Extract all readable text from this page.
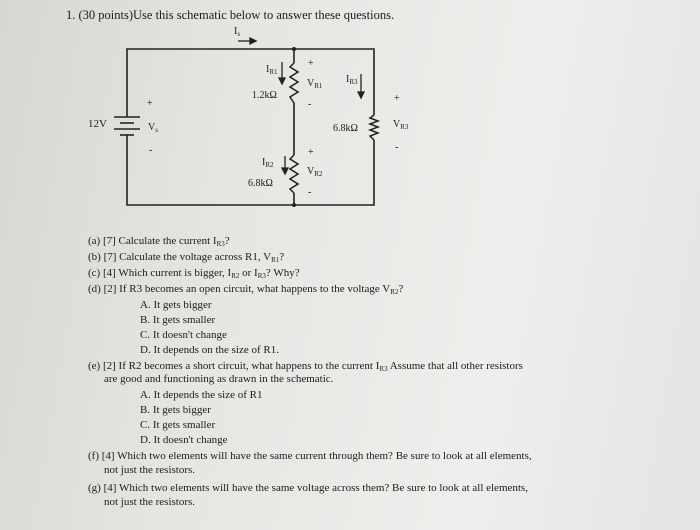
1. (30 points)Use this schematic below to answer these questions.
$I_s$
12V
+
$V_s$
-
$I_{R1}$
1.2kΩ
+
$V_{R1}$
-
$I_{R3}$
6.8kΩ
+
$V_{R3}$
-
$I_{R2}$
6.8kΩ
+
$V_{R2}$
-
(a) [7] Calculate the current IR3?
(b) [7] Calculate the voltage across R1, VR1?
(c) [4] Which current is bigger, IR2 or IR3? Why?
(d) [2] If R3 becomes an open circuit, what happens to the voltage VR2?
A. It gets bigger
B. It gets smaller
C. It doesn't change
D. It depends on the size of R1.
(e) [2] If R2 becomes a short circuit, what happens to the current IR3 Assume that all other resistors
are good and functioning as drawn in the schematic.
A. It depends the size of R1
B. It gets bigger
C. It gets smaller
D. It doesn't change
(f) [4] Which two elements will have the same current through them? Be sure to look at all elements,
not just the resistors.
(g) [4] Which two elements will have the same voltage across them? Be sure to look at all elements,
not just the resistors.
